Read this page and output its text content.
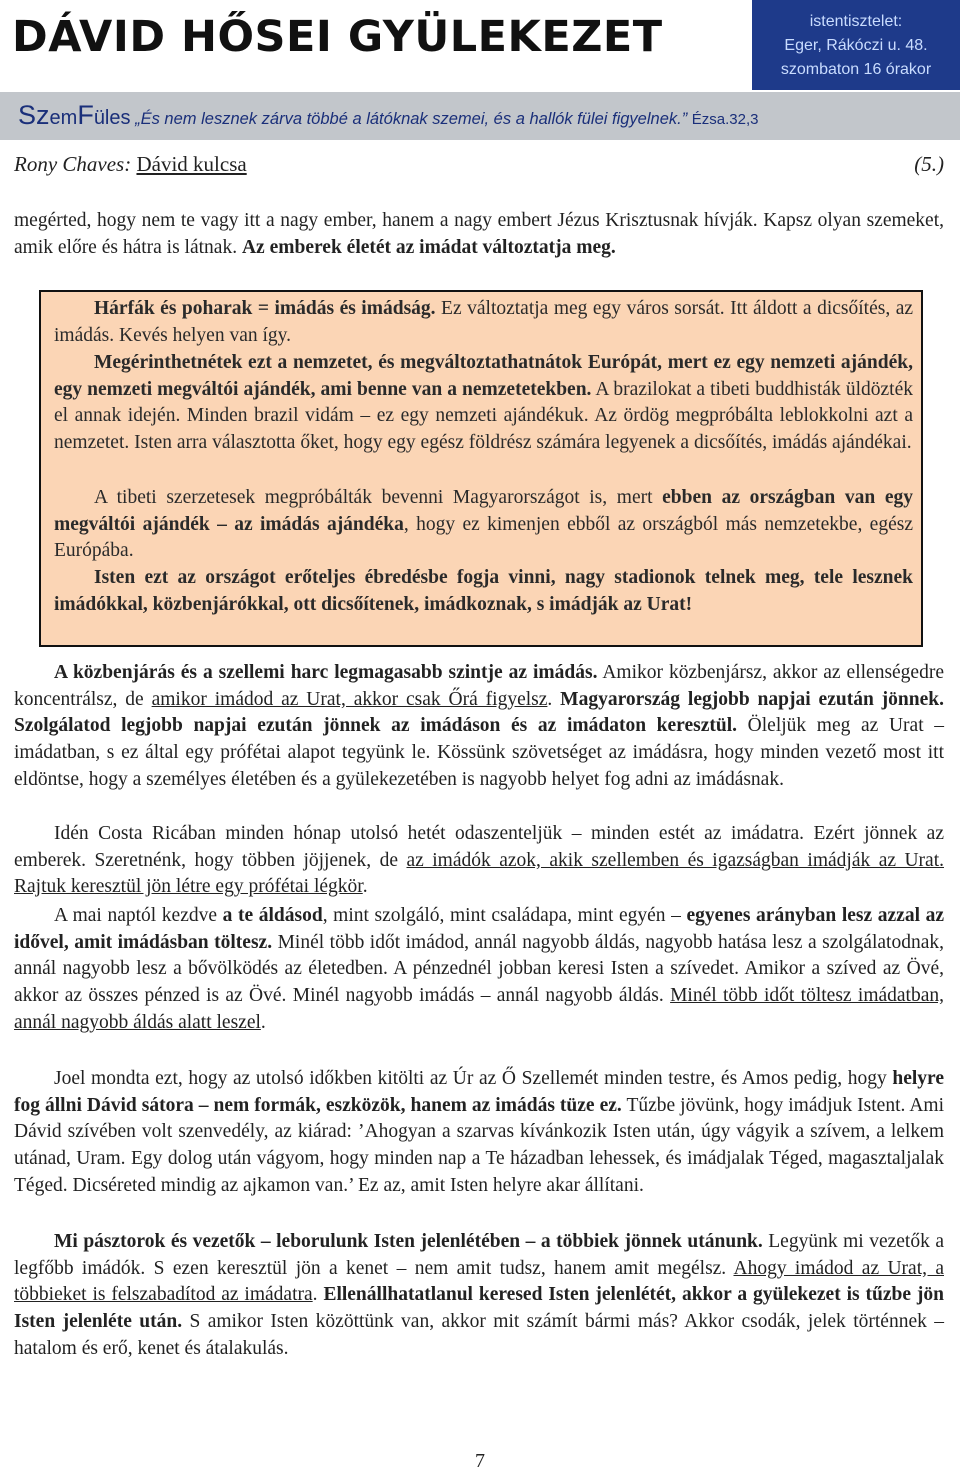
DÁVID HŐSEI GYÜLEKEZET	istentisztelet:
Eger, Rákóczi u. 48.
szombaton 16 órakor
SzemFüles „És nem lesznek zárva többé a látóknak szemei, és a hallók fülei figyelnek.” Ézsa.32,3
Rony Chaves: Dávid kulcsa	(5.)
megérted, hogy nem te vagy itt a nagy ember, hanem a nagy embert Jézus Krisztusnak hívják. Kapsz olyan szemeket, amik előre és hátra is látnak. Az emberek életét az imádat változtatja meg.
Hárfák és poharak = imádás és imádság. Ez változtatja meg egy város sorsát. Itt áldott a dicsőítés, az imádás. Kevés helyen van így.
Megérinthetnétek ezt a nemzetet, és megváltoztathatnátok Európát, mert ez egy nemzeti ajándék, egy nemzeti megváltói ajándék, ami benne van a nemzetetekben. A brazilokat a tibeti buddhisták üldözték el annak idején. Minden brazil vidám – ez egy nemzeti ajándékuk. Az ördög megpróbálta leblokkolni azt a nemzetet. Isten arra választotta őket, hogy egy egész földrész számára legyenek a dicsőítés, imádás ajándékai.
A tibeti szerzetesek megpróbálták bevenni Magyarországot is, mert ebben az országban van egy megváltói ajándék – az imádás ajándéka, hogy ez kimenjen ebből az országból más nemzetekbe, egész Európába.
Isten ezt az országot erőteljes ébredésbe fogja vinni, nagy stadionok telnek meg, tele lesznek imádókkal, közbenjárókkal, ott dicsőítenek, imádkoznak, s imádják az Urat!
A közbenjárás és a szellemi harc legmagasabb szintje az imádás. Amikor közbenjársz, akkor az ellenségedre koncentrálsz, de amikor imádod az Urat, akkor csak Őrá figyelsz. Magyarország legjobb napjai ezután jönnek. Szolgálatod legjobb napjai ezután jönnek az imádáson és az imádaton keresztül. Öleljük meg az Urat – imádatban, s ez által egy prófétai alapot tegyünk le. Kössünk szövetséget az imádásra, hogy minden vezető most itt eldöntse, hogy a személyes életében és a gyülekezetében is nagyobb helyet fog adni az imádásnak.
Idén Costa Ricában minden hónap utolsó hetét odaszenteljük – minden estét az imádatra. Ezért jönnek az emberek. Szeretnénk, hogy többen jöjjenek, de az imádók azok, akik szellemben és igazságban imádják az Urat. Rajtuk keresztül jön létre egy prófétai légkör.
A mai naptól kezdve a te áldásod, mint szolgáló, mint családapa, mint egyén – egyenes arányban lesz azzal az idővel, amit imádásban töltesz. Minél több időt imádod, annál nagyobb áldás, nagyobb hatása lesz a szolgálatodnak, annál nagyobb lesz a bővölködés az életedben. A pénzednél jobban keresi Isten a szívedet. Amikor a szíved az Övé, akkor az összes pénzed is az Övé. Minél nagyobb imádás – annál nagyobb áldás. Minél több időt töltesz imádatban, annál nagyobb áldás alatt leszel.
Joel mondta ezt, hogy az utolsó időkben kitölti az Úr az Ő Szellemét minden testre, és Amos pedig, hogy helyre fog állni Dávid sátora – nem formák, eszközök, hanem az imádás tüze ez. Tűzbe jövünk, hogy imádjuk Istent. Ami Dávid szívében volt szenvedély, az kiárad: ’Ahogyan a szarvas kívánkozik Isten után, úgy vágyik a szívem, a lelkem utánad, Uram. Egy dolog után vágyom, hogy minden nap a Te házadban lehessek, és imádjalak Téged, magasztaljalak Téged. Dicséreted mindig az ajkamon van.’ Ez az, amit Isten helyre akar állítani.
Mi pásztorok és vezetők – leborulunk Isten jelenlétében – a többiek jönnek utánunk. Legyünk mi vezetők a legfőbb imádók. S ezen keresztül jön a kenet – nem amit tudsz, hanem amit megélsz. Ahogy imádod az Urat, a többieket is felszabadítod az imádatra. Ellenállhatatlanul keresed Isten jelenlétét, akkor a gyülekezet is tűzbe jön Isten jelenléte után. S amikor Isten közöttünk van, akkor mit számít bármi más? Akkor csodák, jelek történnek – hatalom és erő, kenet és átalakulás.
7
